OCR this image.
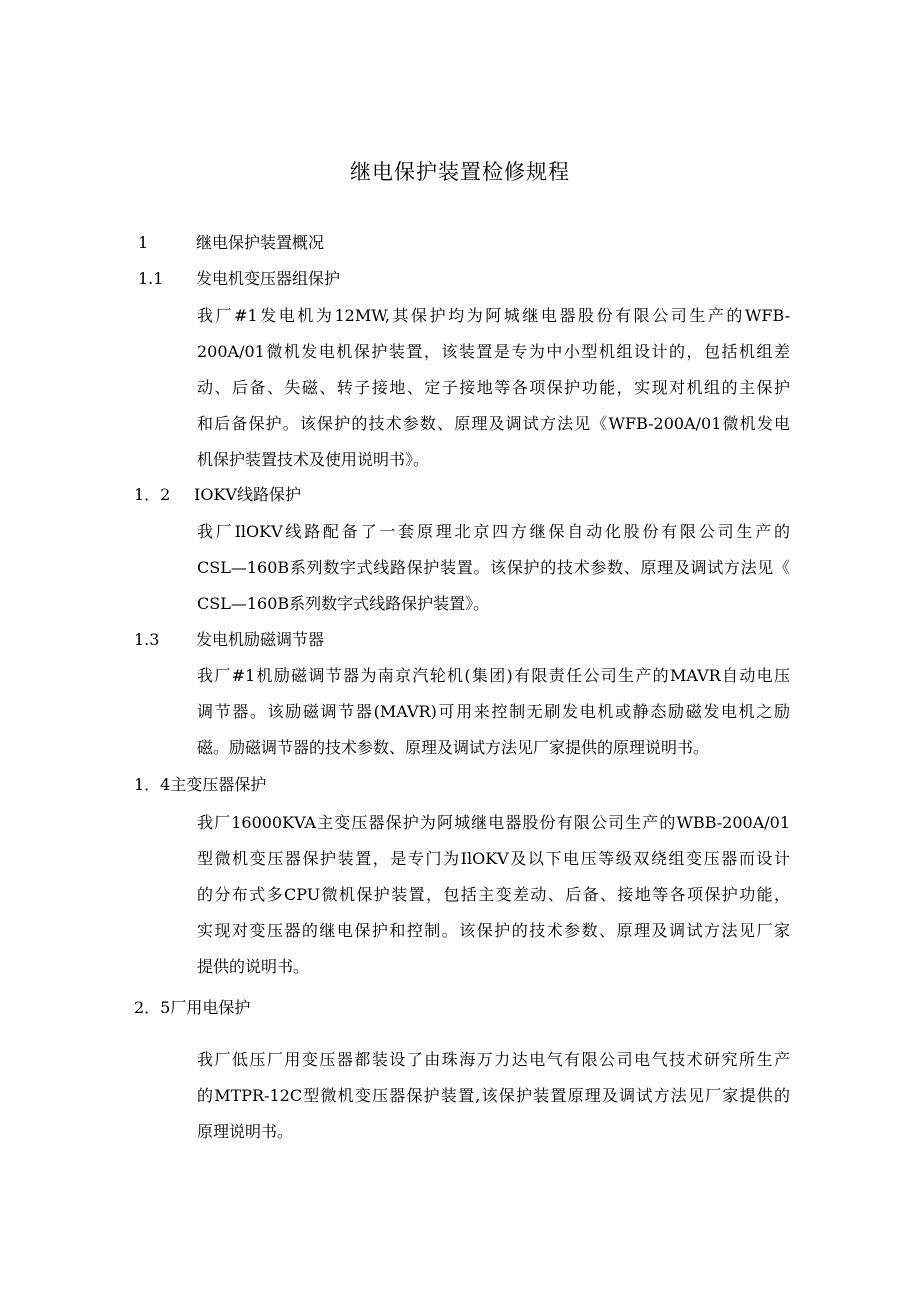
继电保护装置检修规程
1	继电保护装置概况
1.1 发电机变压器组保护
我厂#1发电机为12MW,其保护均为阿城继电器股份有限公司生产的WFB-
200A/01微机发电机保护装置，该装置是专为中小型机组设计的，包括机组差
动、后备、失磁、转子接地、定子接地等各项保护功能，实现对机组的主保护
和后备保护。该保护的技术参数、原理及调试方法见《WFB-200A/01微机发电
机保护装置技术及使用说明书》。
1．2 IOKV线路保护
我厂IlOKV线路配备了一套原理北京四方继保自动化股份有限公司生产的
CSL—160B系列数字式线路保护装置。该保护的技术参数、原理及调试方法见《
CSL—160B系列数字式线路保护装置》。
1.3 发电机励磁调节器
我厂#1机励磁调节器为南京汽轮机(集团)有限责任公司生产的MAVR自动电压
调节器。该励磁调节器(MAVR)可用来控制无刷发电机或静态励磁发电机之励
磁。励磁调节器的技术参数、原理及调试方法见厂家提供的原理说明书。
1．4主变压器保护
我厂16000KVA主变压器保护为阿城继电器股份有限公司生产的WBB-200A/01
型微机变压器保护装置，是专门为IlOKV及以下电压等级双绕组变压器而设计
的分布式多CPU微机保护装置，包括主变差动、后备、接地等各项保护功能，
实现对变压器的继电保护和控制。该保护的技术参数、原理及调试方法见厂家
提供的说明书。
2．5厂用电保护
我厂低压厂用变压器都装设了由珠海万力达电气有限公司电气技术研究所生产
的MTPR-12C型微机变压器保护装置,该保护装置原理及调试方法见厂家提供的
原理说明书。
